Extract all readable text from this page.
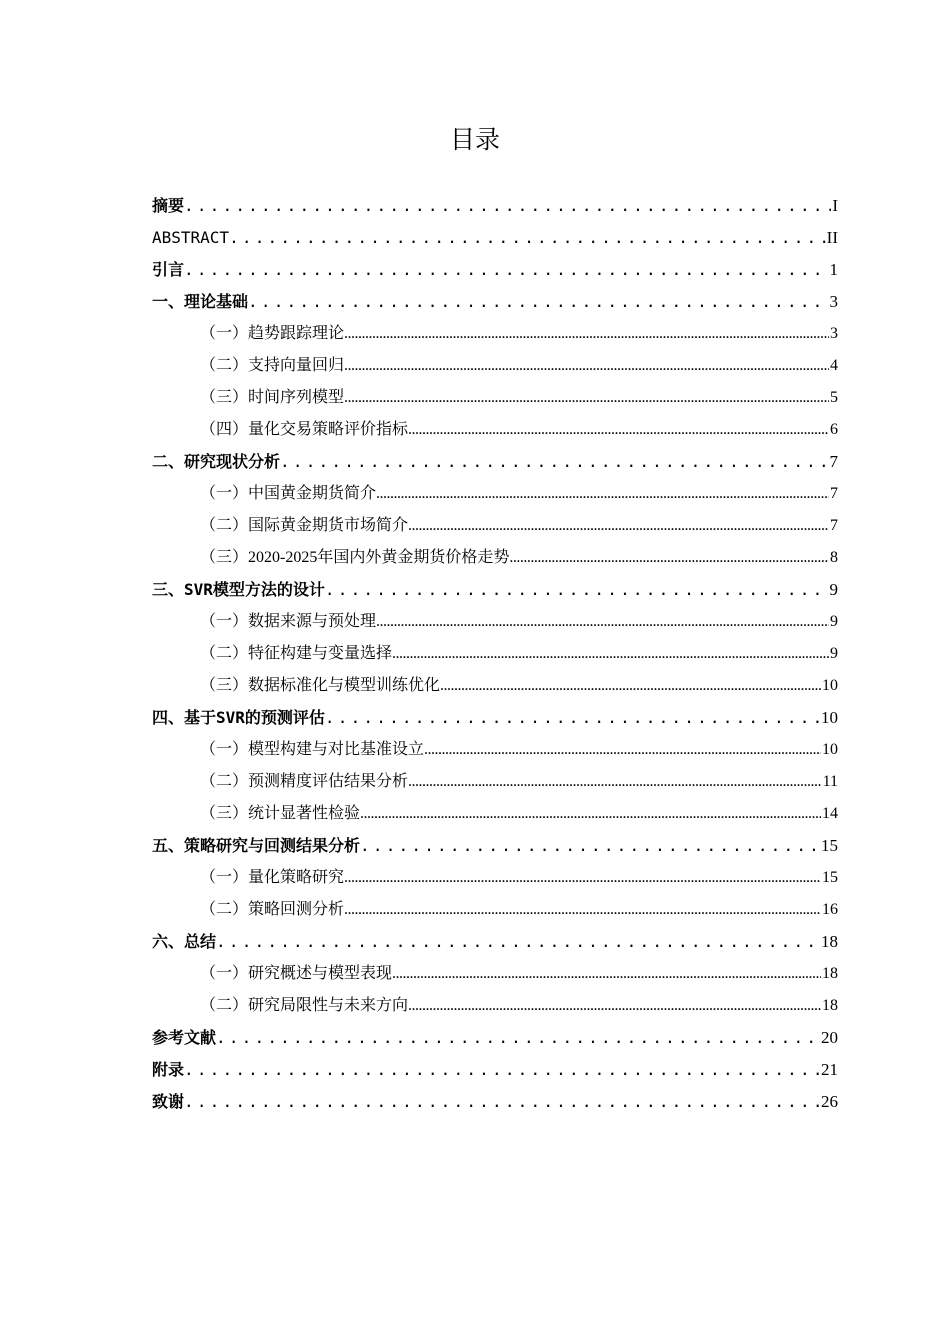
目录
摘要 .....	I
ABSTRACT .....	II
引言 .....	1
一、 理论基础 .....	3
（一） 趋势跟踪理论 .....	3
（二） 支持向量回归 .....	4
（三） 时间序列模型 .....	5
（四） 量化交易策略评价指标 .....	6
二、 研究现状分析 .....	7
（一） 中国黄金期货简介 .....	7
（二） 国际黄金期货市场简介 .....	7
（三） 2020-2025年国内外黄金期货价格走势 .....	8
三、 SVR模型方法的设计 .....	9
（一） 数据来源与预处理 .....	9
（二） 特征构建与变量选择 .....	9
（三） 数据标准化与模型训练优化 .....	10
四、 基于SVR的预测评估 .....	10
（一） 模型构建与对比基准设立 .....	10
（二） 预测精度评估结果分析 .....	11
（三） 统计显著性检验 .....	14
五、 策略研究与回测结果分析 .....	15
（一） 量化策略研究 .....	15
（二） 策略回测分析 .....	16
六、 总结 .....	18
（一） 研究概述与模型表现 .....	18
（二） 研究局限性与未来方向 .....	18
参考文献 .....	20
附录 .....	21
致谢 .....	26
